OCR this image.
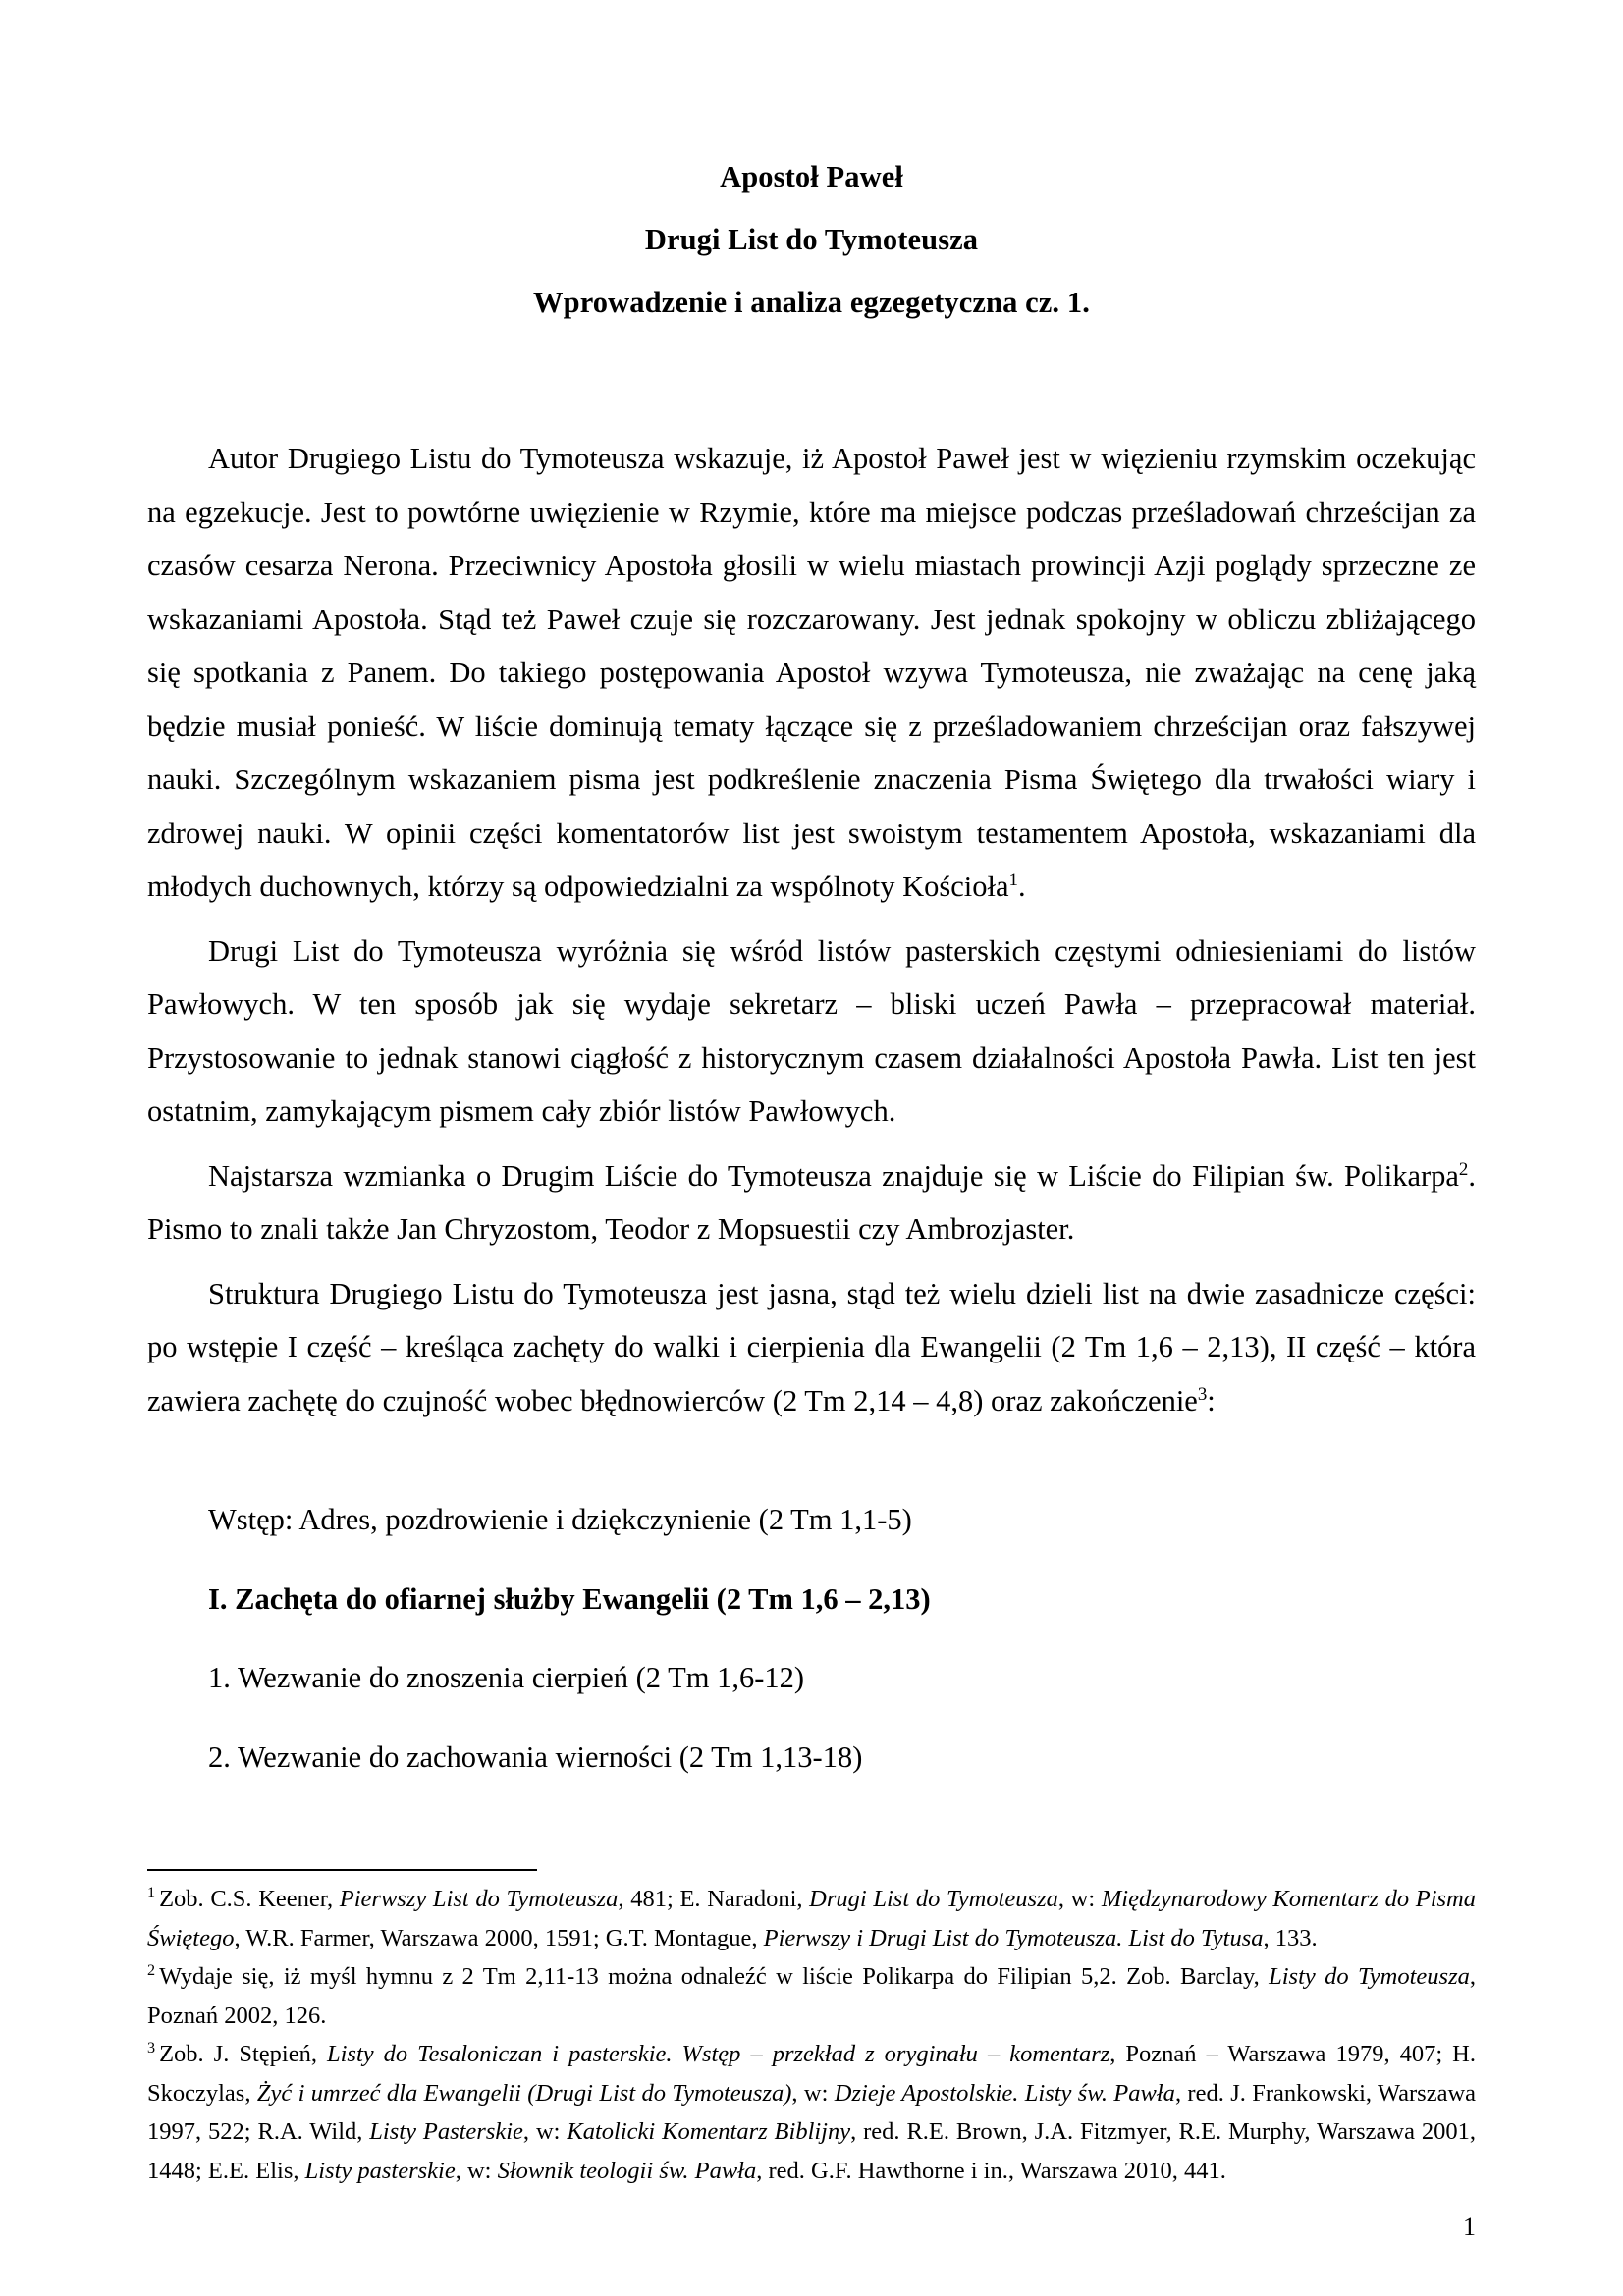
Apostoł Paweł
Drugi List do Tymoteusza
Wprowadzenie i analiza egzegetyczna cz. 1.

Autor Drugiego Listu do Tymoteusza wskazuje, iż Apostoł Paweł jest w więzieniu rzymskim oczekując na egzekucje. Jest to powtórne uwięzienie w Rzymie, które ma miejsce podczas prześladowań chrześcijan za czasów cesarza Nerona. Przeciwnicy Apostoła głosili w wielu miastach prowincji Azji poglądy sprzeczne ze wskazaniami Apostoła. Stąd też Paweł czuje się rozczarowany. Jest jednak spokojny w obliczu zbliżającego się spotkania z Panem. Do takiego postępowania Apostoł wzywa Tymoteusza, nie zważając na cenę jaką będzie musiał ponieść. W liście dominują tematy łączące się z prześladowaniem chrześcijan oraz fałszywej nauki. Szczególnym wskazaniem pisma jest podkreślenie znaczenia Pisma Świętego dla trwałości wiary i zdrowej nauki. W opinii części komentatorów list jest swoistym testamentem Apostoła, wskazaniami dla młodych duchownych, którzy są odpowiedzialni za wspólnoty Kościoła$^1$.

Drugi List do Tymoteusza wyróżnia się wśród listów pasterskich częstymi odniesieniami do listów Pawłowych. W ten sposób jak się wydaje sekretarz – bliski uczeń Pawła – przepracował materiał. Przystosowanie to jednak stanowi ciągłość z historycznym czasem działalności Apostoła Pawła. List ten jest ostatnim, zamykającym pismem cały zbiór listów Pawłowych.

Najstarsza wzmianka o Drugim Liście do Tymoteusza znajduje się w Liście do Filipian św. Polikarpa$^2$. Pismo to znali także Jan Chryzostom, Teodor z Mopsuestii czy Ambrozjaster.

Struktura Drugiego Listu do Tymoteusza jest jasna, stąd też wielu dzieli list na dwie zasadnicze części: po wstępie I część – kreśląca zachęty do walki i cierpienia dla Ewangelii (2 Tm 1,6 – 2,13), II część – która zawiera zachętę do czujność wobec błędnowierców (2 Tm 2,14 – 4,8) oraz zakończenie$^3$:

Wstęp: Adres, pozdrowienie i dziękczynienie (2 Tm 1,1-5)

I. Zachęta do ofiarnej służby Ewangelii (2 Tm 1,6 – 2,13)

1. Wezwanie do znoszenia cierpień (2 Tm 1,6-12)

2. Wezwanie do zachowania wierności (2 Tm 1,13-18)

$^1$ Zob. C.S. Keener, Pierwszy List do Tymoteusza, 481; E. Naradoni, Drugi List do Tymoteusza, w: Międzynarodowy Komentarz do Pisma Świętego, W.R. Farmer, Warszawa 2000, 1591; G.T. Montague, Pierwszy i Drugi List do Tymoteusza. List do Tytusa, 133.

$^2$ Wydaje się, iż myśl hymnu z 2 Tm 2,11-13 można odnaleźć w liście Polikarpa do Filipian 5,2. Zob. Barclay, Listy do Tymoteusza, Poznań 2002, 126.

$^3$ Zob. J. Stępień, Listy do Tesaloniczan i pasterskie. Wstęp – przekład z oryginału – komentarz, Poznań – Warszawa 1979, 407; H. Skoczylas, Żyć i umrzeć dla Ewangelii (Drugi List do Tymoteusza), w: Dzieje Apostolskie. Listy św. Pawła, red. J. Frankowski, Warszawa 1997, 522; R.A. Wild, Listy Pasterskie, w: Katolicki Komentarz Biblijny, red. R.E. Brown, J.A. Fitzmyer, R.E. Murphy, Warszawa 2001, 1448; E.E. Elis, Listy pasterskie, w: Słownik teologii św. Pawła, red. G.F. Hawthorne i in., Warszawa 2010, 441.

1
